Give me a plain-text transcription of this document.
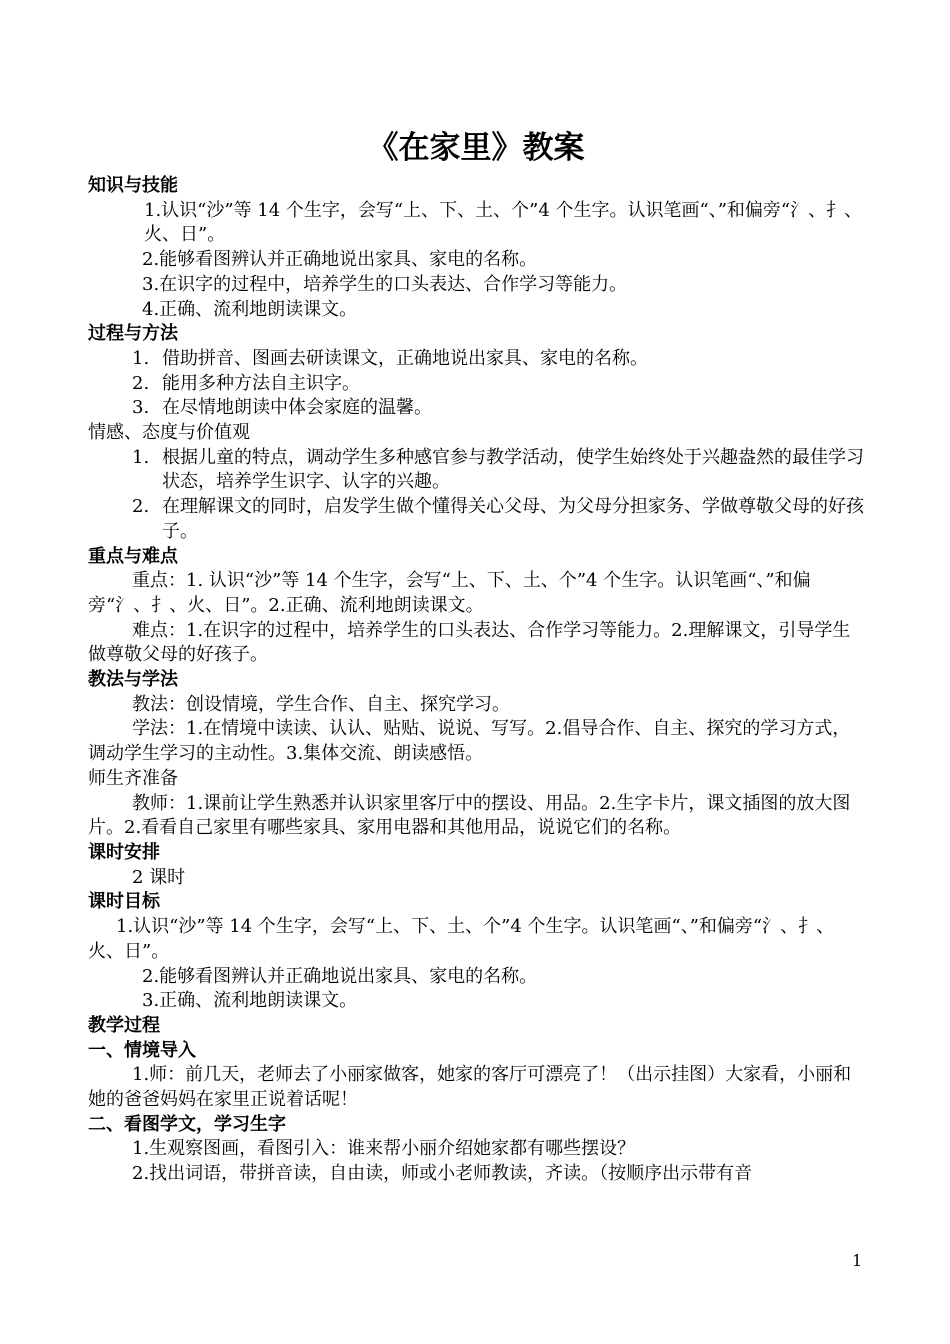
《在家里》教案

知识与技能

1.认识“沙”等 14 个生字，会写“上、下、土、个”4 个生字。认识笔画“、”和偏旁“氵、扌、火、日”。

2.能够看图辨认并正确地说出家具、家电的名称。

3.在识字的过程中，培养学生的口头表达、合作学习等能力。

4.正确、流利地朗读课文。

过程与方法

1. 借助拼音、图画去研读课文，正确地说出家具、家电的名称。
2. 能用多种方法自主识字。
3. 在尽情地朗读中体会家庭的温馨。

情感、态度与价值观

1. 根据儿童的特点，调动学生多种感官参与教学活动，使学生始终处于兴趣盎然的最佳学习状态，培养学生识字、认字的兴趣。
2. 在理解课文的同时，启发学生做个懂得关心父母、为父母分担家务、学做尊敬父母的好孩子。

重点与难点

重点：1. 认识“沙”等 14 个生字，会写“上、下、土、个”4 个生字。认识笔画“、”和偏旁“氵、扌、火、日”。2.正确、流利地朗读课文。

难点：1.在识字的过程中，培养学生的口头表达、合作学习等能力。2.理解课文，引导学生做尊敬父母的好孩子。

教法与学法

教法：创设情境，学生合作、自主、探究学习。

学法：1.在情境中读读、认认、贴贴、说说、写写。2.倡导合作、自主、探究的学习方式，调动学生学习的主动性。3.集体交流、朗读感悟。

师生齐准备

教师：1.课前让学生熟悉并认识家里客厅中的摆设、用品。2.生字卡片，课文插图的放大图片。2.看看自己家里有哪些家具、家用电器和其他用品，说说它们的名称。

课时安排

2 课时

课时目标

1.认识“沙”等 14 个生字，会写“上、下、土、个”4 个生字。认识笔画“、”和偏旁“氵、扌、火、日”。

2.能够看图辨认并正确地说出家具、家电的名称。

3.正确、流利地朗读课文。

教学过程

一、情境导入

1.师：前几天，老师去了小丽家做客，她家的客厅可漂亮了！（出示挂图）大家看，小丽和她的爸爸妈妈在家里正说着话呢！

二、看图学文，学习生字

1.生观察图画，看图引入：谁来帮小丽介绍她家都有哪些摆设？

2.找出词语，带拼音读，自由读，师或小老师教读，齐读。（按顺序出示带有音

1
